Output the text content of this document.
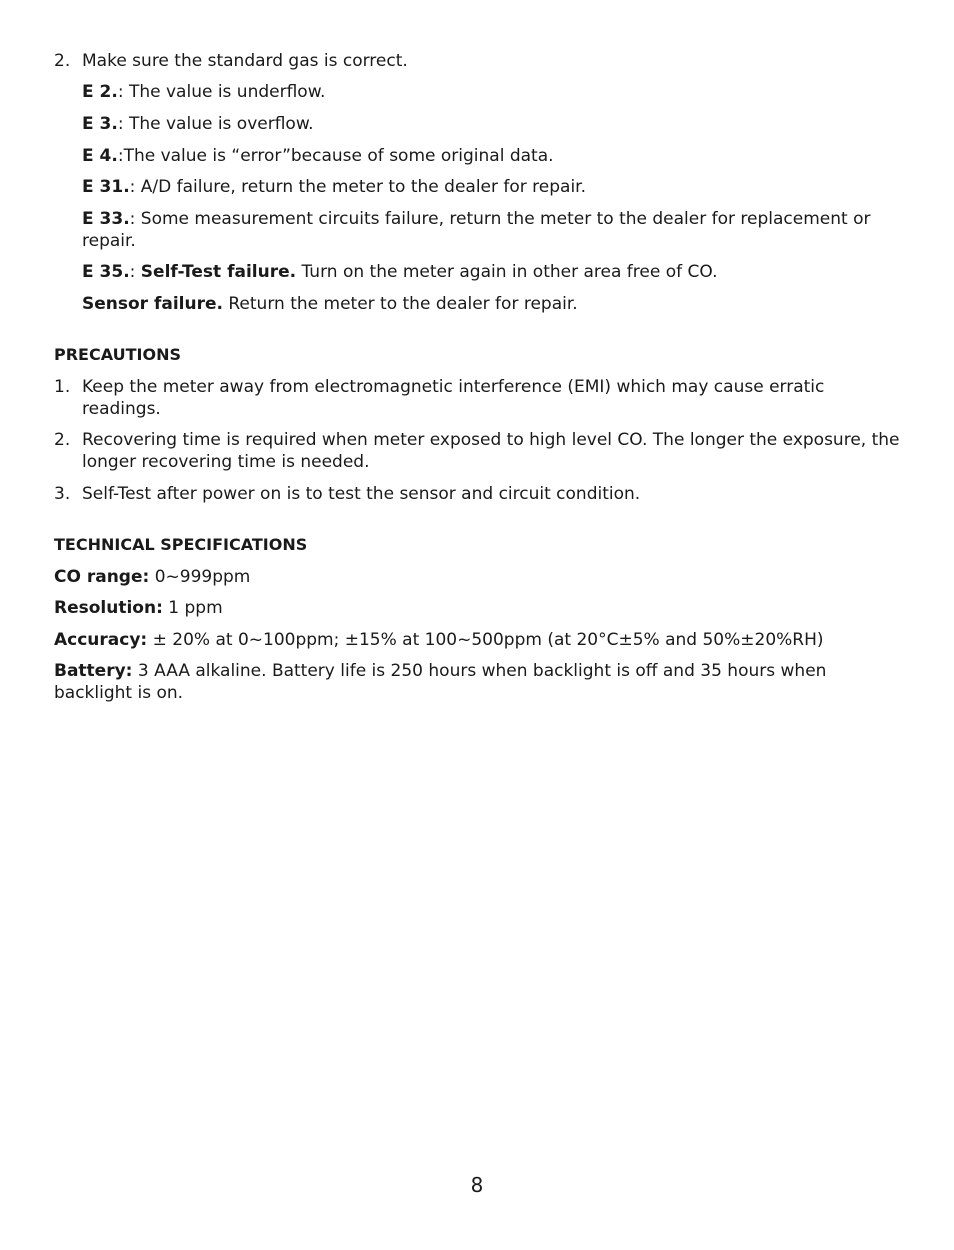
2. Make sure the standard gas is correct.
E 2.: The value is underflow.
E 3.: The value is overflow.
E 4.:The value is “error”because of some original data.
E 31.: A/D failure, return the meter to the dealer for repair.
E 33.: Some measurement circuits failure, return the meter to the dealer for replacement or repair.
E 35.: Self-Test failure. Turn on the meter again in other area free of CO.
Sensor failure. Return the meter to the dealer for repair.
PRECAUTIONS
1. Keep the meter away from electromagnetic interference (EMI) which may cause erratic readings.
2. Recovering time is required when meter exposed to high level CO. The longer the exposure, the longer recovering time is needed.
3. Self-Test after power on is to test the sensor and circuit condition.
TECHNICAL SPECIFICATIONS
CO range: 0~999ppm
Resolution: 1 ppm
Accuracy: ± 20% at 0~100ppm; ±15% at 100~500ppm (at 20°C±5% and 50%±20%RH)
Battery: 3 AAA alkaline. Battery life is 250 hours when backlight is off and 35 hours when backlight is on.
8
